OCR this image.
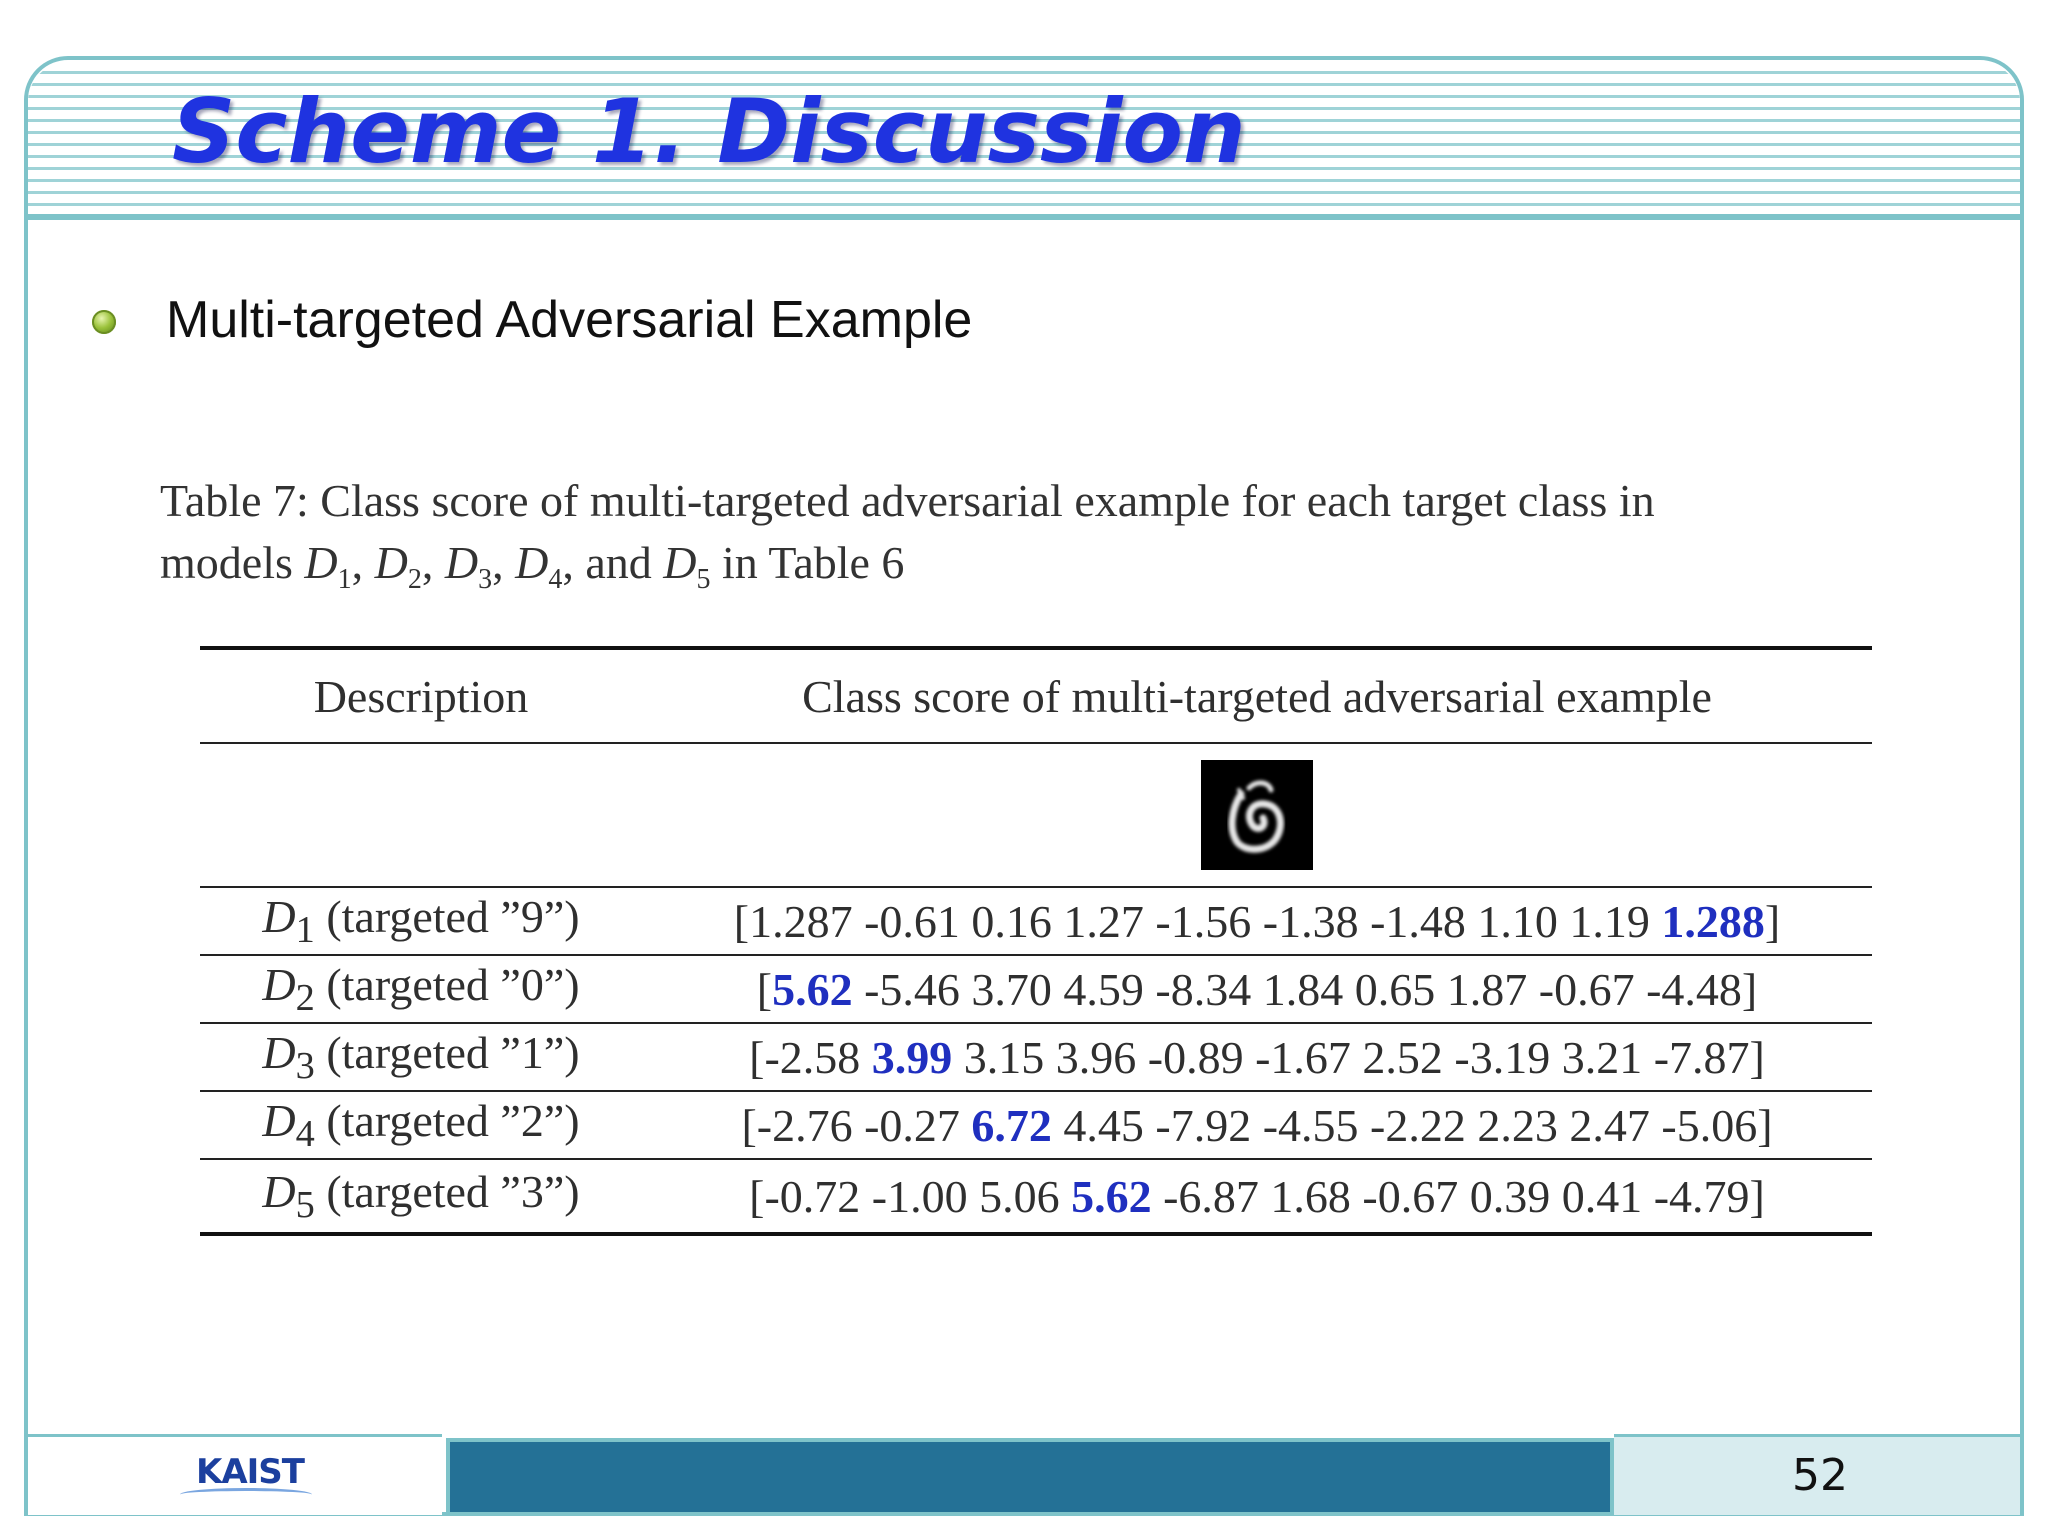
Scheme 1. Discussion
Multi-targeted Adversarial Example

Table 7: Class score of multi-targeted adversarial example for each target class in
models $D_1$, $D_2$, $D_3$, $D_4$, and $D_5$ in Table 6

Description	Class score of multi-targeted adversarial example

$D_1$ (targeted ”9”)	[1.287 -0.61 0.16 1.27 -1.56 -1.38 -1.48 1.10 1.19 1.288]
$D_2$ (targeted ”0”)	[5.62 -5.46 3.70 4.59 -8.34 1.84 0.65 1.87 -0.67 -4.48]
$D_3$ (targeted ”1”)	[-2.58 3.99 3.15 3.96 -0.89 -1.67 2.52 -3.19 3.21 -7.87]
$D_4$ (targeted ”2”)	[-2.76 -0.27 6.72 4.45 -7.92 -4.55 -2.22 2.23 2.47 -5.06]
$D_5$ (targeted ”3”)	[-0.72 -1.00 5.06 5.62 -6.87 1.68 -0.67 0.39 0.41 -4.79]
KAIST	52
